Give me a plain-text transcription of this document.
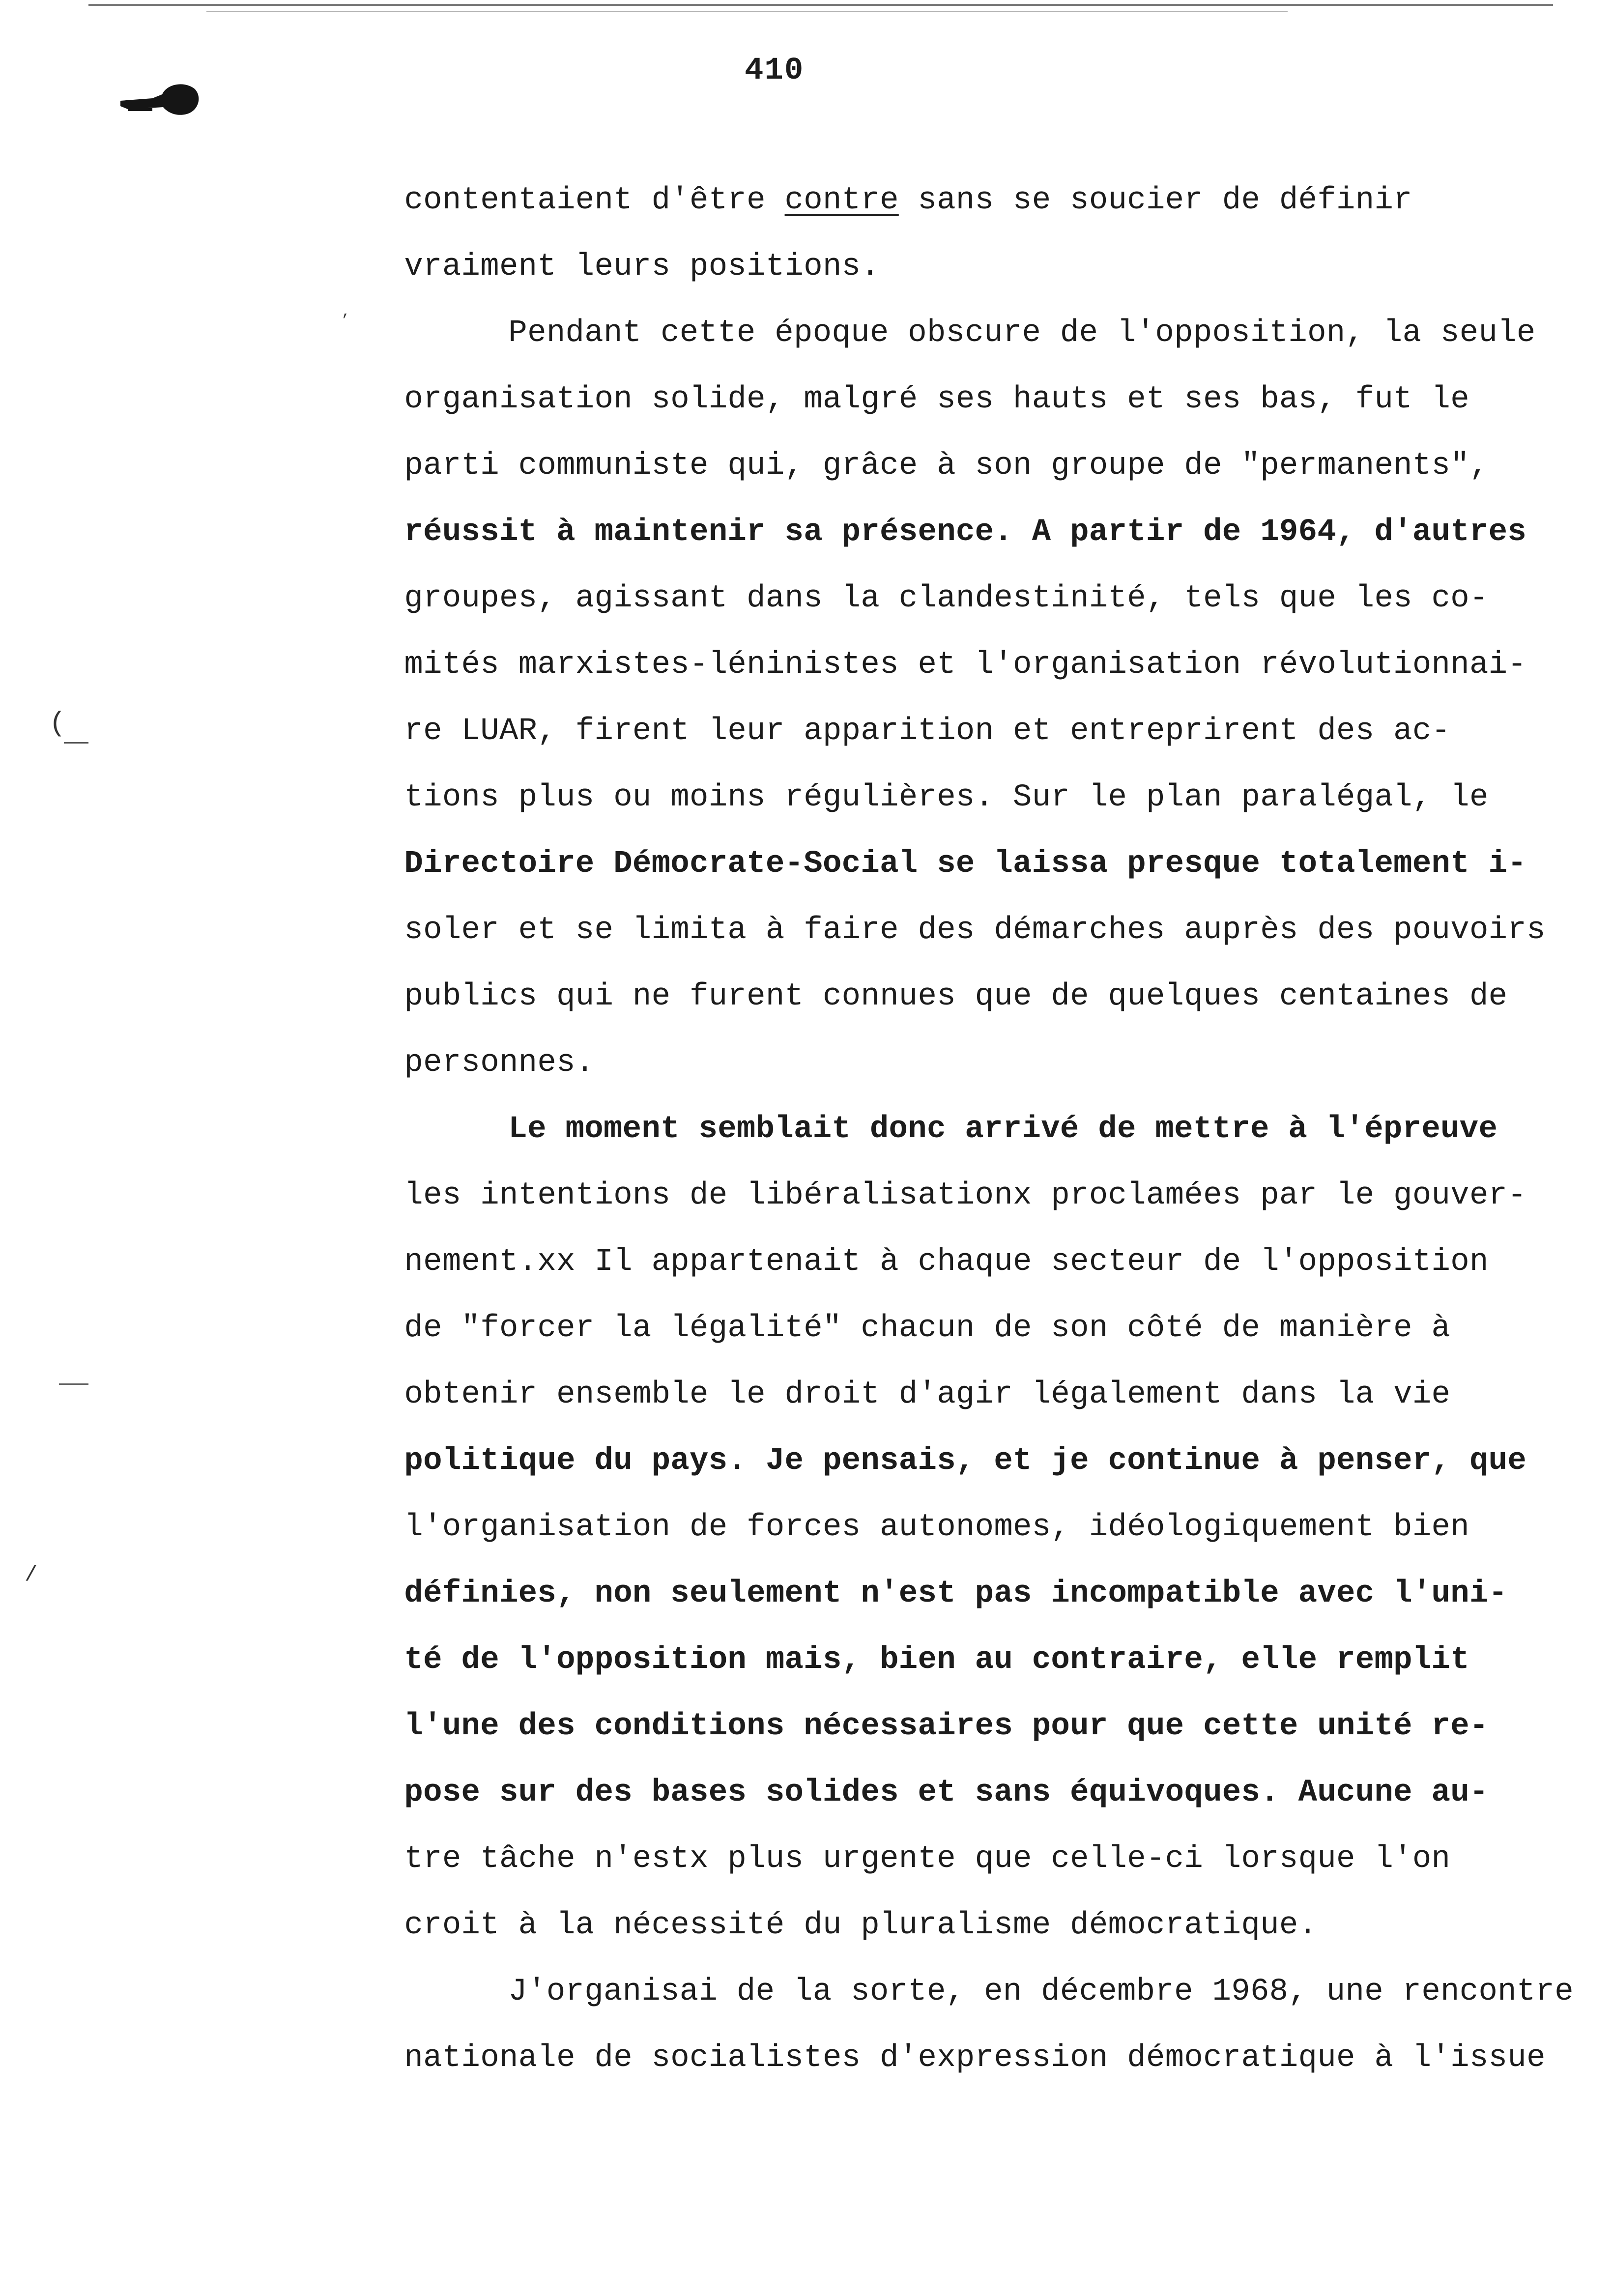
410
(
/
,

contentaient d'être contre sans se soucier de définir

vraiment leurs positions.

Pendant cette époque obscure de l'opposition, la seule

organisation solide, malgré ses hauts et ses bas, fut le

parti communiste qui, grâce à son groupe de "permanents",

réussit à maintenir sa présence. A partir de 1964, d'autres

groupes, agissant dans la clandestinité, tels que les co-

mités marxistes-léninistes et l'organisation révolutionnai-

re LUAR, firent leur apparition et entreprirent des ac-

tions plus ou moins régulières. Sur le plan paralégal, le

Directoire Démocrate-Social se laissa presque totalement i-

soler et se limita à faire des démarches auprès des pouvoirs

publics qui ne furent connues que de quelques centaines de

personnes.

Le moment semblait donc arrivé de mettre à l'épreuve

les intentions de libéralisationx proclamées par le gouver-

nement.xx Il appartenait à chaque secteur de l'opposition

de "forcer la légalité" chacun de son côté de manière à

obtenir ensemble le droit d'agir légalement dans la vie

politique du pays. Je pensais, et je continue à penser, que

l'organisation de forces autonomes, idéologiquement bien

définies, non seulement n'est pas incompatible avec l'uni-

té de l'opposition mais, bien au contraire, elle remplit

l'une des conditions nécessaires pour que cette unité re-

pose sur des bases solides et sans équivoques. Aucune au-

tre tâche n'estx plus urgente que celle-ci lorsque l'on

croit à la nécessité du pluralisme démocratique.

J'organisai de la sorte, en décembre 1968, une rencontre

nationale de socialistes d'expression démocratique à l'issue
